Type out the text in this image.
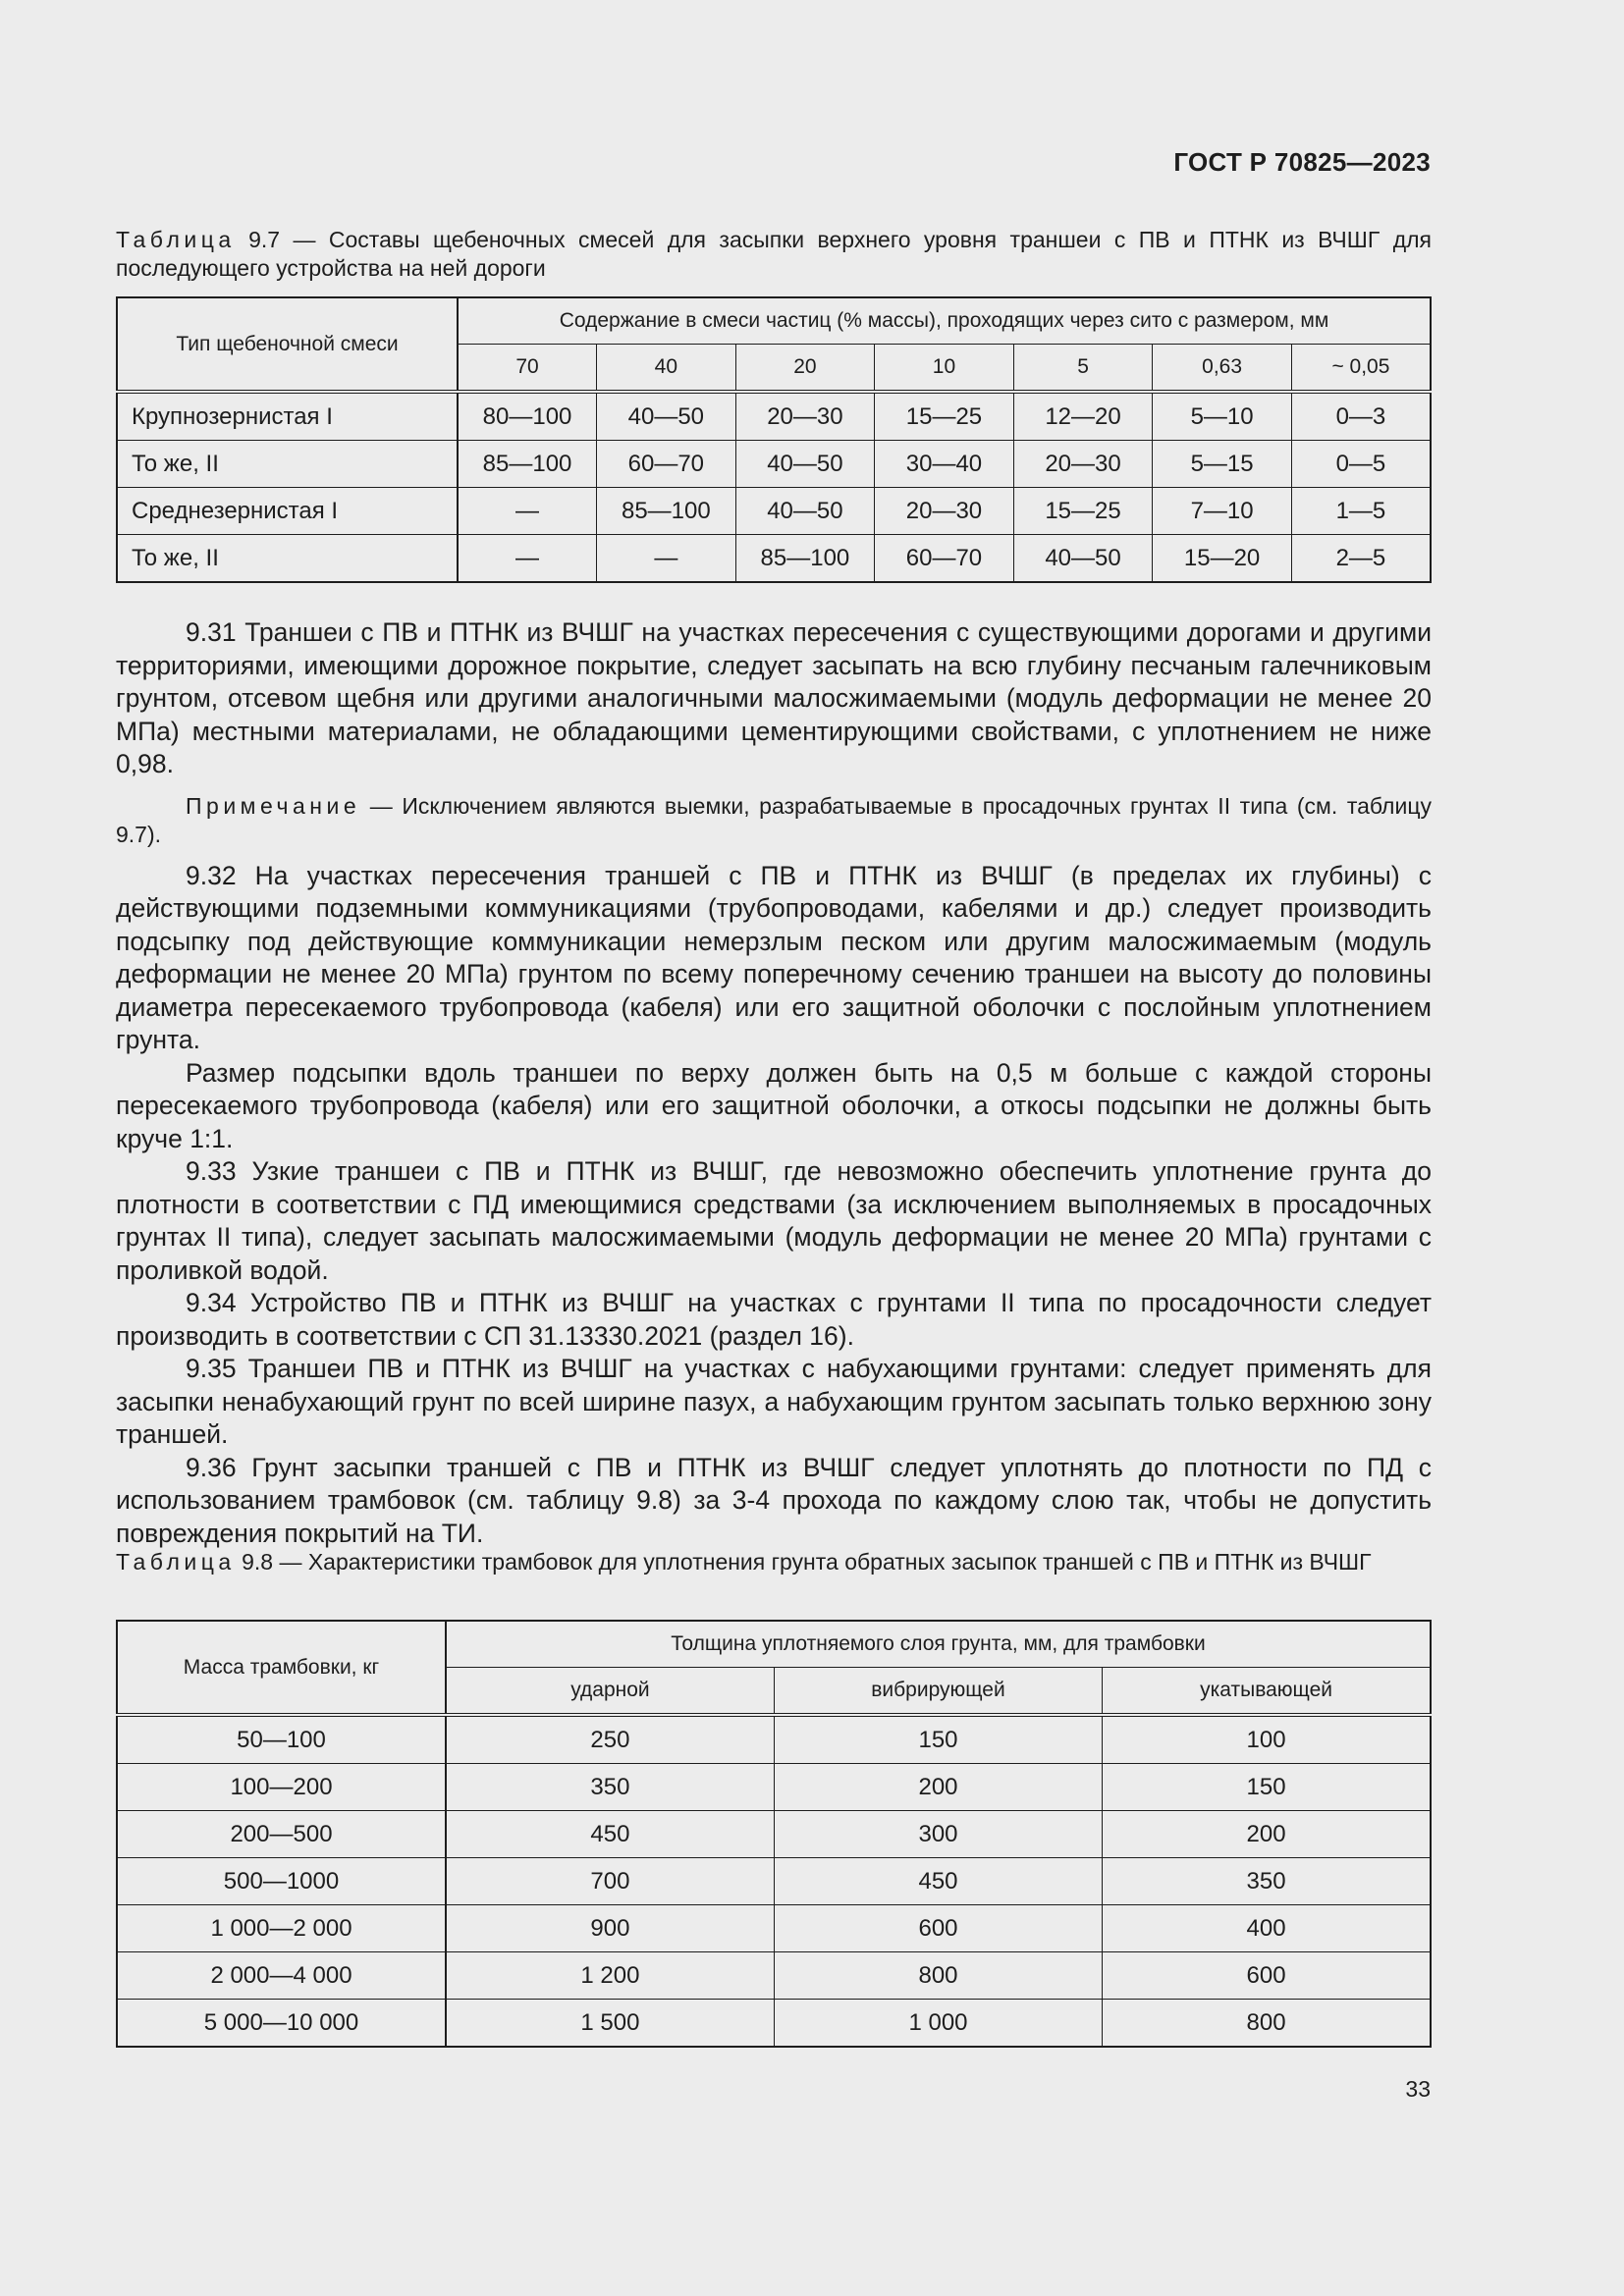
ГОСТ Р 70825—2023
Таблица 9.7 — Составы щебеночных смесей для засыпки верхнего уровня траншеи с ПВ и ПТНК из ВЧШГ для последующего устройства на ней дороги
Тип щебеночной смеси	Содержание в смеси частиц (% массы), проходящих через сито с размером, мм						
	70	40	20	10	5	0,63	~ 0,05
Крупнозернистая I	80—100	40—50	20—30	15—25	12—20	5—10	0—3
То же, II	85—100	60—70	40—50	30—40	20—30	5—15	0—5
Среднезернистая I	—	85—100	40—50	20—30	15—25	7—10	1—5
То же, II	—	—	85—100	60—70	40—50	15—20	2—5

9.31 Траншеи с ПВ и ПТНК из ВЧШГ на участках пересечения с существующими дорогами и другими территориями, имеющими дорожное покрытие, следует засыпать на всю глубину песчаным галечниковым грунтом, отсевом щебня или другими аналогичными малосжимаемыми (модуль деформации не менее 20 МПа) местными материалами, не обладающими цементирующими свойствами, с уплотнением не ниже 0,98.

Примечание — Исключением являются выемки, разрабатываемые в просадочных грунтах II типа (см. таблицу 9.7).

9.32 На участках пересечения траншей с ПВ и ПТНК из ВЧШГ (в пределах их глубины) с действующими подземными коммуникациями (трубопроводами, кабелями и др.) следует производить подсыпку под действующие коммуникации немерзлым песком или другим малосжимаемым (модуль деформации не менее 20 МПа) грунтом по всему поперечному сечению траншеи на высоту до половины диаметра пересекаемого трубопровода (кабеля) или его защитной оболочки с послойным уплотнением грунта.

Размер подсыпки вдоль траншеи по верху должен быть на 0,5 м больше с каждой стороны пересекаемого трубопровода (кабеля) или его защитной оболочки, а откосы подсыпки не должны быть круче 1:1.

9.33 Узкие траншеи с ПВ и ПТНК из ВЧШГ, где невозможно обеспечить уплотнение грунта до плотности в соответствии с ПД имеющимися средствами (за исключением выполняемых в просадочных грунтах II типа), следует засыпать малосжимаемыми (модуль деформации не менее 20 МПа) грунтами с проливкой водой.

9.34 Устройство ПВ и ПТНК из ВЧШГ на участках с грунтами II типа по просадочности следует производить в соответствии с СП 31.13330.2021 (раздел 16).

9.35 Траншеи ПВ и ПТНК из ВЧШГ на участках с набухающими грунтами: следует применять для засыпки ненабухающий грунт по всей ширине пазух, а набухающим грунтом засыпать только верхнюю зону траншей.

9.36 Грунт засыпки траншей с ПВ и ПТНК из ВЧШГ следует уплотнять до плотности по ПД с использованием трамбовок (см. таблицу 9.8) за 3-4 прохода по каждому слою так, чтобы не допустить повреждения покрытий на ТИ.

Таблица 9.8 — Характеристики трамбовок для уплотнения грунта обратных засыпок траншей с ПВ и ПТНК из ВЧШГ
Масса трамбовки, кг	Толщина уплотняемого слоя грунта, мм, для трамбовки		
	ударной	вибрирующей	укатывающей
50—100	250	150	100
100—200	350	200	150
200—500	450	300	200
500—1000	700	450	350
1 000—2 000	900	600	400
2 000—4 000	1 200	800	600
5 000—10 000	1 500	1 000	800
33
